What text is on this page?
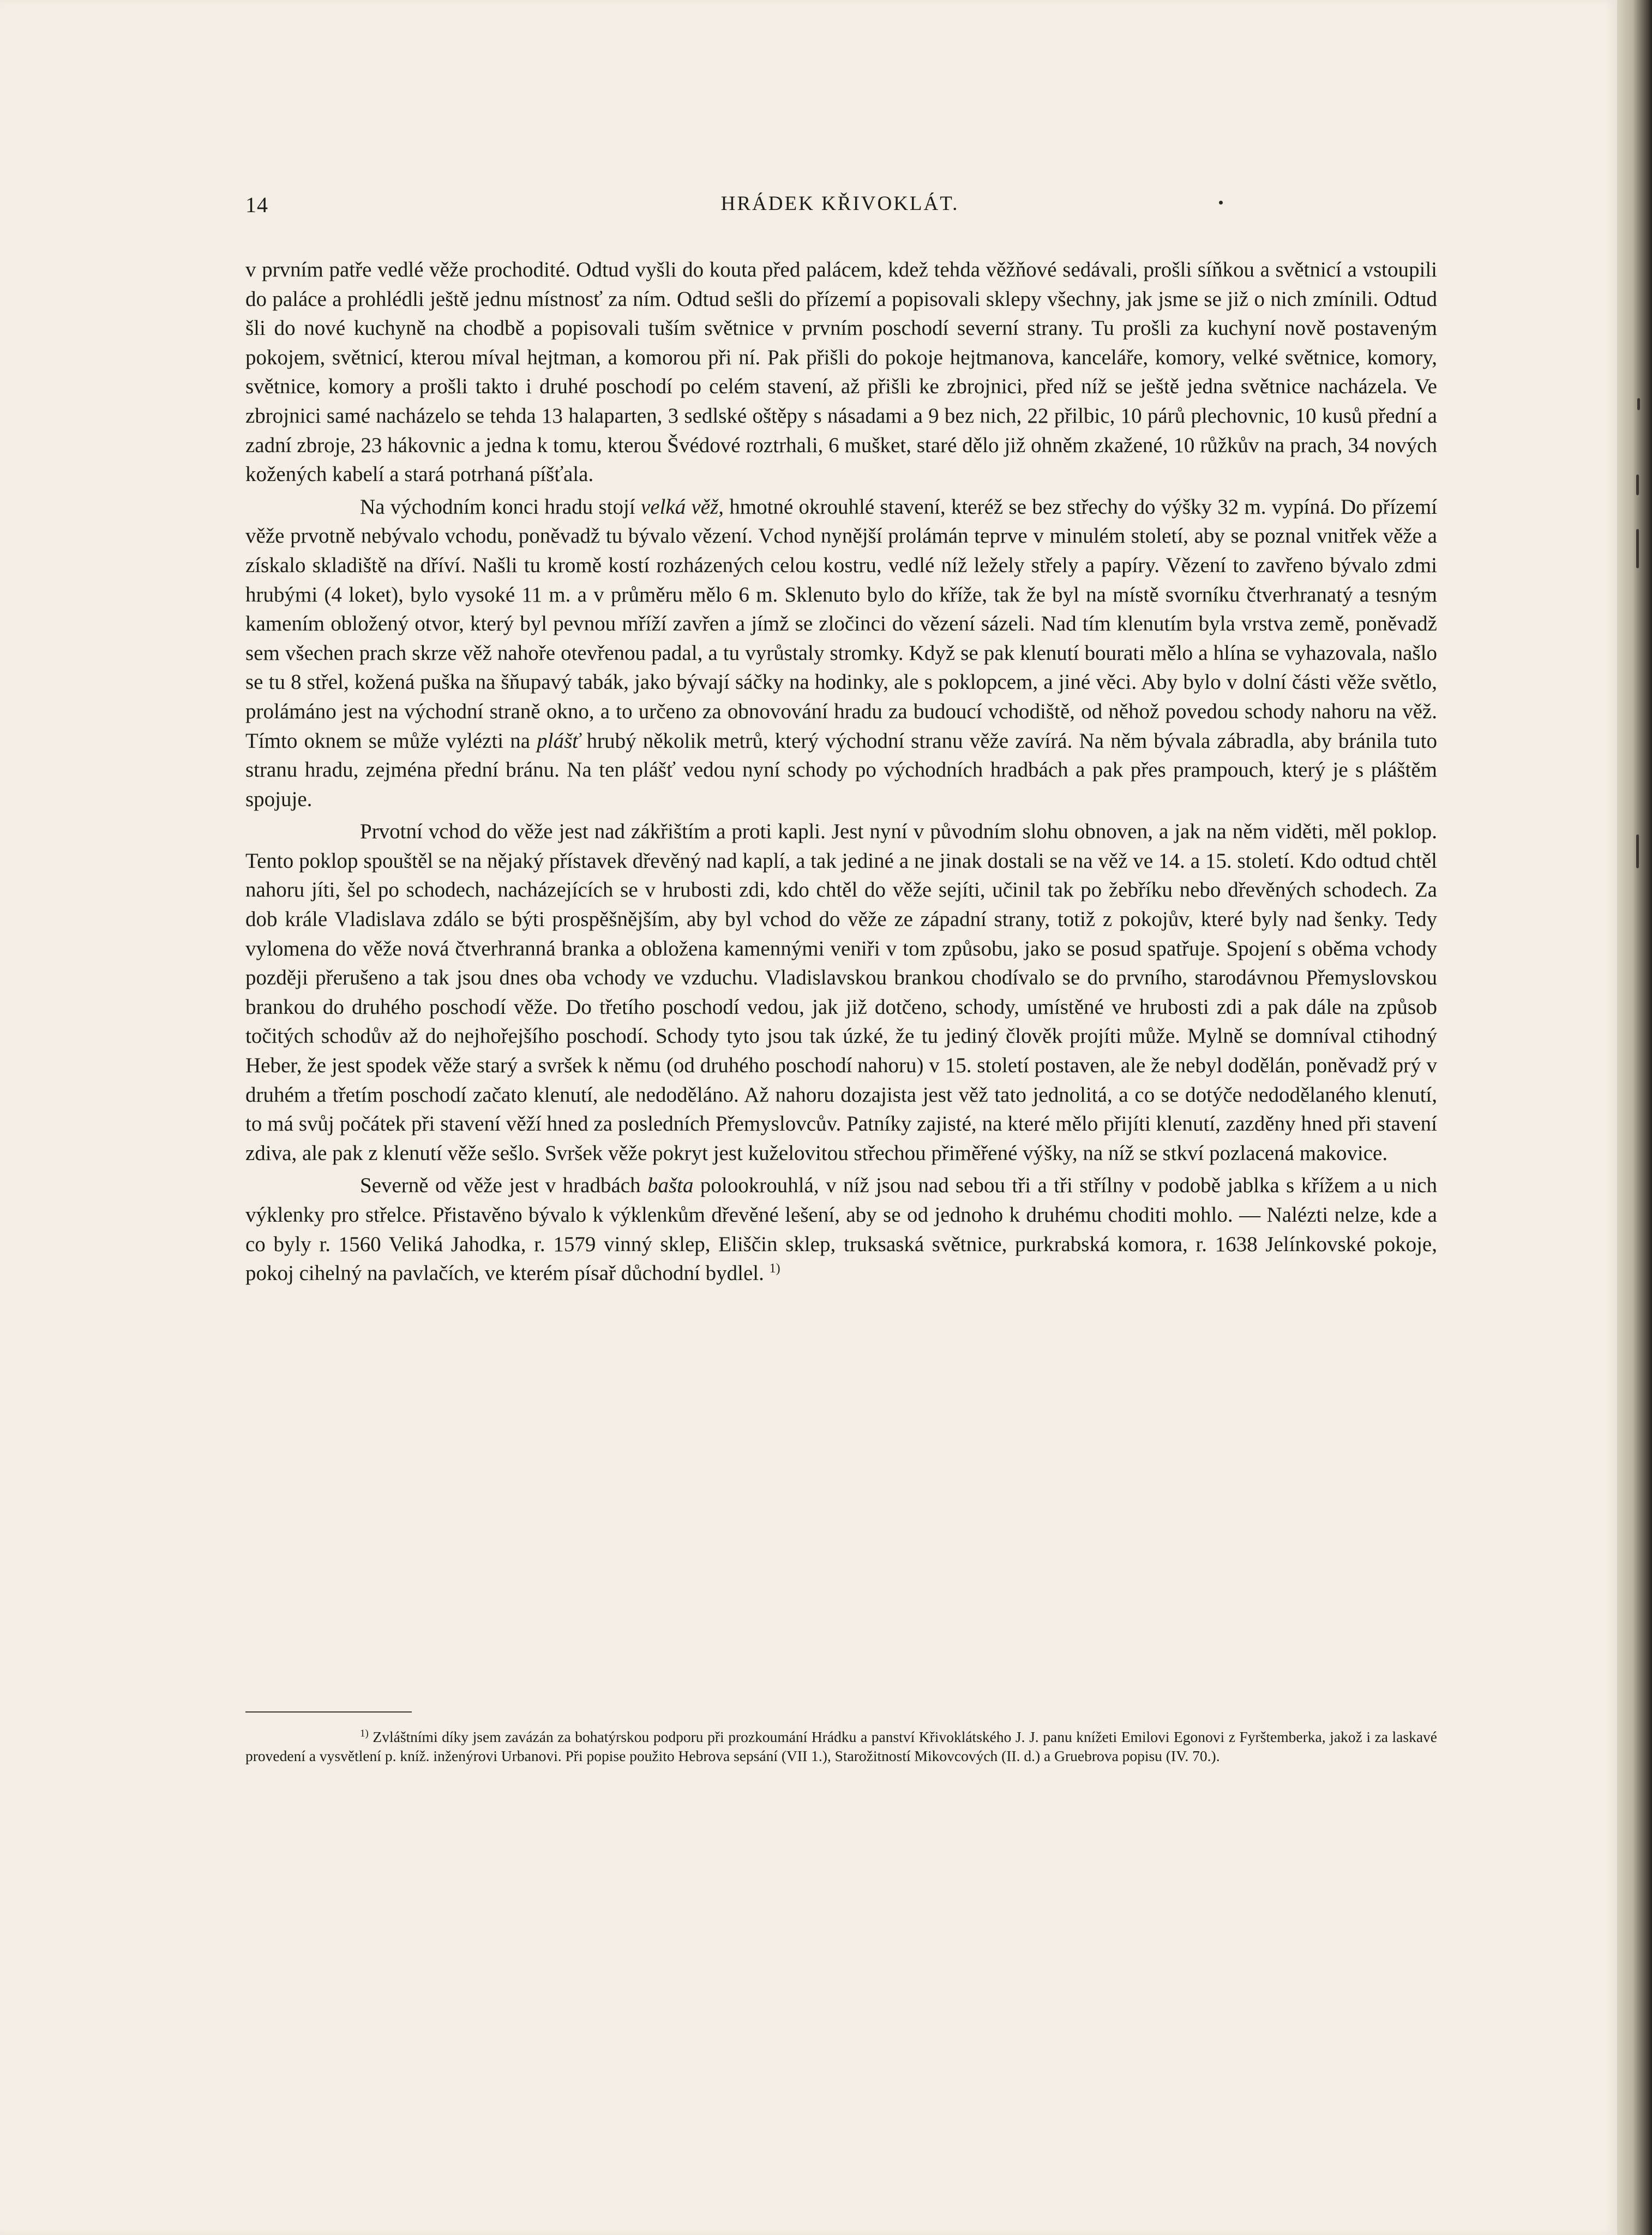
14	HRÁDEK KŘIVOKLÁT.

v prvním patře vedlé věže prochodité. Odtud vyšli do kouta před palácem, kdež tehda věžňové sedávali, prošli síňkou a světnicí a vstoupili do paláce a prohlédli ještě jednu místnosť za ním. Odtud sešli do přízemí a popisovali sklepy všechny, jak jsme se již o nich zmínili. Odtud šli do nové kuchyně na chodbě a popisovali tuším světnice v prvním poschodí severní strany. Tu prošli za kuchyní nově postaveným pokojem, světnicí, kterou míval hejtman, a komorou při ní. Pak přišli do pokoje hejtmanova, kanceláře, komory, velké světnice, komory, světnice, komory a prošli takto i druhé poschodí po celém stavení, až přišli ke zbrojnici, před níž se ještě jedna světnice nacházela. Ve zbrojnici samé nacházelo se tehda 13 halaparten, 3 sedlské oštěpy s násadami a 9 bez nich, 22 přilbic, 10 párů plechovnic, 10 kusů přední a zadní zbroje, 23 hákovnic a jedna k tomu, kterou Švédové roztrhali, 6 mušket, staré dělo již ohněm zkažené, 10 růžkův na prach, 34 nových kožených kabelí a stará potrhaná píšťala.

Na východním konci hradu stojí velká věž, hmotné okrouhlé stavení, kteréž se bez střechy do výšky 32 m. vypíná. Do přízemí věže prvotně nebývalo vchodu, poněvadž tu bývalo vězení. Vchod nynější prolámán teprve v minulém století, aby se poznal vnitřek věže a získalo skladiště na dříví. Našli tu kromě kostí rozházených celou kostru, vedlé níž ležely střely a papíry. Vězení to zavřeno bývalo zdmi hrubými (4 loket), bylo vysoké 11 m. a v průměru mělo 6 m. Sklenuto bylo do kříže, tak že byl na místě svorníku čtverhranatý a tesným kamením obložený otvor, který byl pevnou mříží zavřen a jímž se zločinci do vězení sázeli. Nad tím klenutím byla vrstva země, poněvadž sem všechen prach skrze věž nahoře otevřenou padal, a tu vyrůstaly stromky. Když se pak klenutí bourati mělo a hlína se vyhazovala, našlo se tu 8 střel, kožená puška na šňupavý tabák, jako bývají sáčky na hodinky, ale s poklopcem, a jiné věci. Aby bylo v dolní části věže světlo, prolámáno jest na východní straně okno, a to určeno za obnovování hradu za budoucí vchodiště, od něhož povedou schody nahoru na věž. Tímto oknem se může vylézti na plášť hrubý několik metrů, který východní stranu věže zavírá. Na něm bývala zábradla, aby bránila tuto stranu hradu, zejména přední bránu. Na ten plášť vedou nyní schody po východních hradbách a pak přes prampouch, který je s pláštěm spojuje.

Prvotní vchod do věže jest nad zákřištím a proti kapli. Jest nyní v původním slohu obnoven, a jak na něm viděti, měl poklop. Tento poklop spouštěl se na nějaký přístavek dřevěný nad kaplí, a tak jediné a ne jinak dostali se na věž ve 14. a 15. století. Kdo odtud chtěl nahoru jíti, šel po schodech, nacházejících se v hrubosti zdi, kdo chtěl do věže sejíti, učinil tak po žebříku nebo dřevěných schodech. Za dob krále Vladislava zdálo se býti prospěšnějším, aby byl vchod do věže ze západní strany, totiž z pokojův, které byly nad šenky. Tedy vylomena do věže nová čtverhranná branka a obložena kamennými veniři v tom způsobu, jako se posud spatřuje. Spojení s oběma vchody později přerušeno a tak jsou dnes oba vchody ve vzduchu. Vladislavskou brankou chodívalo se do prvního, starodávnou Přemyslovskou brankou do druhého poschodí věže. Do třetího poschodí vedou, jak již dotčeno, schody, umístěné ve hrubosti zdi a pak dále na způsob točitých schodův až do nejhořejšího poschodí. Schody tyto jsou tak úzké, že tu jediný člověk projíti může. Mylně se domníval ctihodný Heber, že jest spodek věže starý a svršek k němu (od druhého poschodí nahoru) v 15. století postaven, ale že nebyl dodělán, poněvadž prý v druhém a třetím poschodí začato klenutí, ale nedoděláno. Až nahoru dozajista jest věž tato jednolitá, a co se dotýče nedodělaného klenutí, to má svůj počátek při stavení věží hned za posledních Přemyslovcův. Patníky zajisté, na které mělo přijíti klenutí, zazděny hned při stavení zdiva, ale pak z klenutí věže sešlo. Svršek věže pokryt jest kuželovitou střechou přiměřené výšky, na níž se stkví pozlacená makovice.

Severně od věže jest v hradbách bašta polookrouhlá, v níž jsou nad sebou tři a tři střílny v podobě jablka s křížem a u nich výklenky pro střelce. Přistavěno bývalo k výklenkům dřevěné lešení, aby se od jednoho k druhému choditi mohlo. — Nalézti nelze, kde a co byly r. 1560 Veliká Jahodka, r. 1579 vinný sklep, Eliščin sklep, truksaská světnice, purkrabská komora, r. 1638 Jelínkovské pokoje, pokoj cihelný na pavlačích, ve kterém písař důchodní bydlel. $^{1)}$

$^{1)}$ Zvláštními díky jsem zavázán za bohatýrskou podporu při prozkoumání Hrádku a panství Křivoklátského J. J. panu knížeti Emilovi Egonovi z Fyrštemberka, jakož i za laskavé provedení a vysvětlení p. kníž. inženýrovi Urbanovi. Při popise použito Hebrova sepsání (VII 1.), Starožitností Mikovcových (II. d.) a Gruebrova popisu (IV. 70.).
